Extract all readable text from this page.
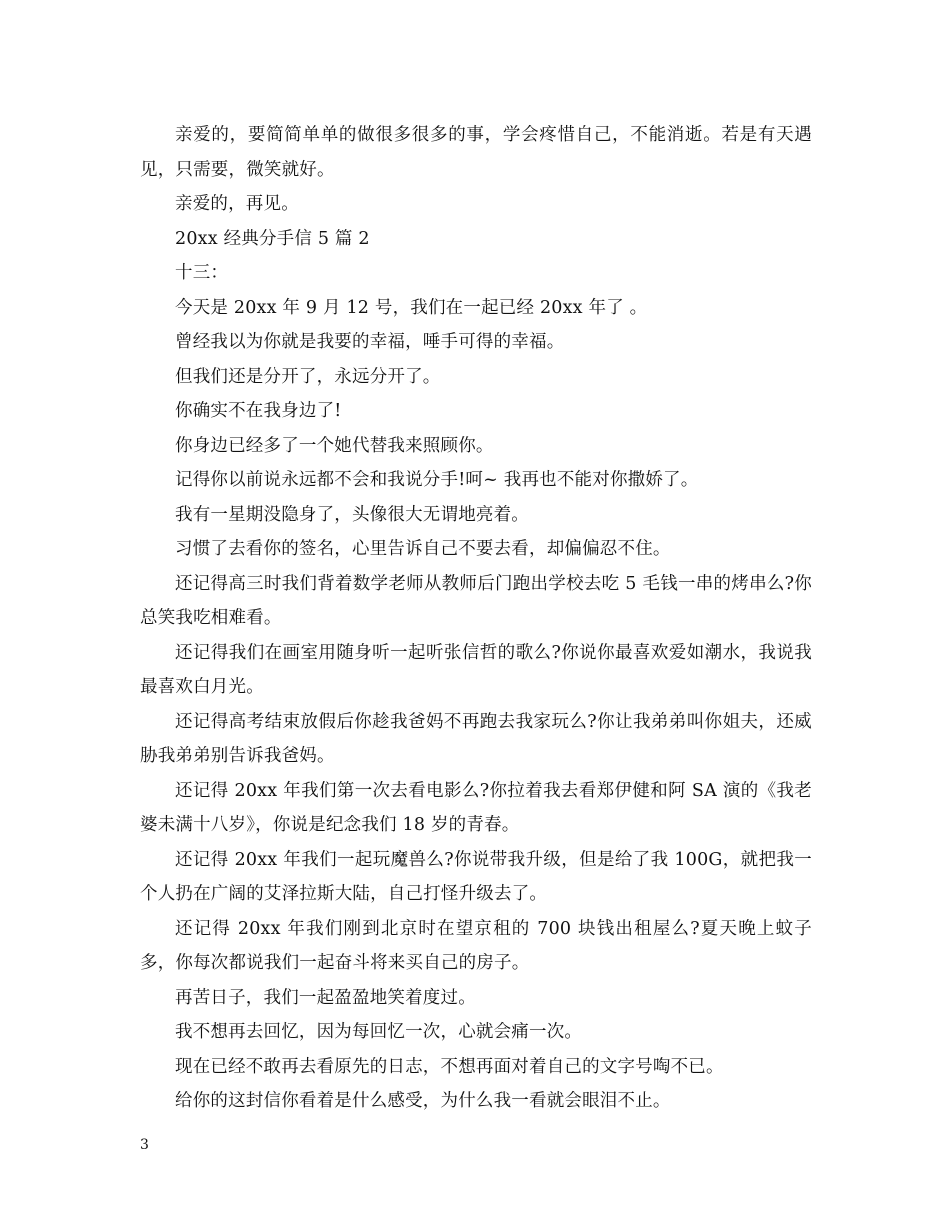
亲爱的，要简简单单的做很多很多的事，学会疼惜自己，不能消逝。若是有天遇见，只需要，微笑就好。

亲爱的，再见。

20xx 经典分手信 5 篇 2

十三：

今天是 20xx 年 9 月 12 号，我们在一起已经 20xx 年了 。

曾经我以为你就是我要的幸福，唾手可得的幸福。

但我们还是分开了，永远分开了。

你确实不在我身边了!

你身边已经多了一个她代替我来照顾你。

记得你以前说永远都不会和我说分手!呵~ 我再也不能对你撒娇了。

我有一星期没隐身了，头像很大无谓地亮着。

习惯了去看你的签名，心里告诉自己不要去看，却偏偏忍不住。

还记得高三时我们背着数学老师从教师后门跑出学校去吃 5 毛钱一串的烤串么?你总笑我吃相难看。

还记得我们在画室用随身听一起听张信哲的歌么?你说你最喜欢爱如潮水，我说我最喜欢白月光。

还记得高考结束放假后你趁我爸妈不再跑去我家玩么?你让我弟弟叫你姐夫，还威胁我弟弟别告诉我爸妈。

还记得 20xx 年我们第一次去看电影么?你拉着我去看郑伊健和阿 SA 演的《我老婆未满十八岁》，你说是纪念我们 18 岁的青春。

还记得 20xx 年我们一起玩魔兽么?你说带我升级，但是给了我 100G，就把我一个人扔在广阔的艾泽拉斯大陆，自己打怪升级去了。

还记得 20xx 年我们刚到北京时在望京租的 700 块钱出租屋么?夏天晚上蚊子多，你每次都说我们一起奋斗将来买自己的房子。

再苦日子，我们一起盈盈地笑着度过。

我不想再去回忆，因为每回忆一次，心就会痛一次。

现在已经不敢再去看原先的日志，不想再面对着自己的文字号啕不已。

给你的这封信你看着是什么感受，为什么我一看就会眼泪不止。

3
